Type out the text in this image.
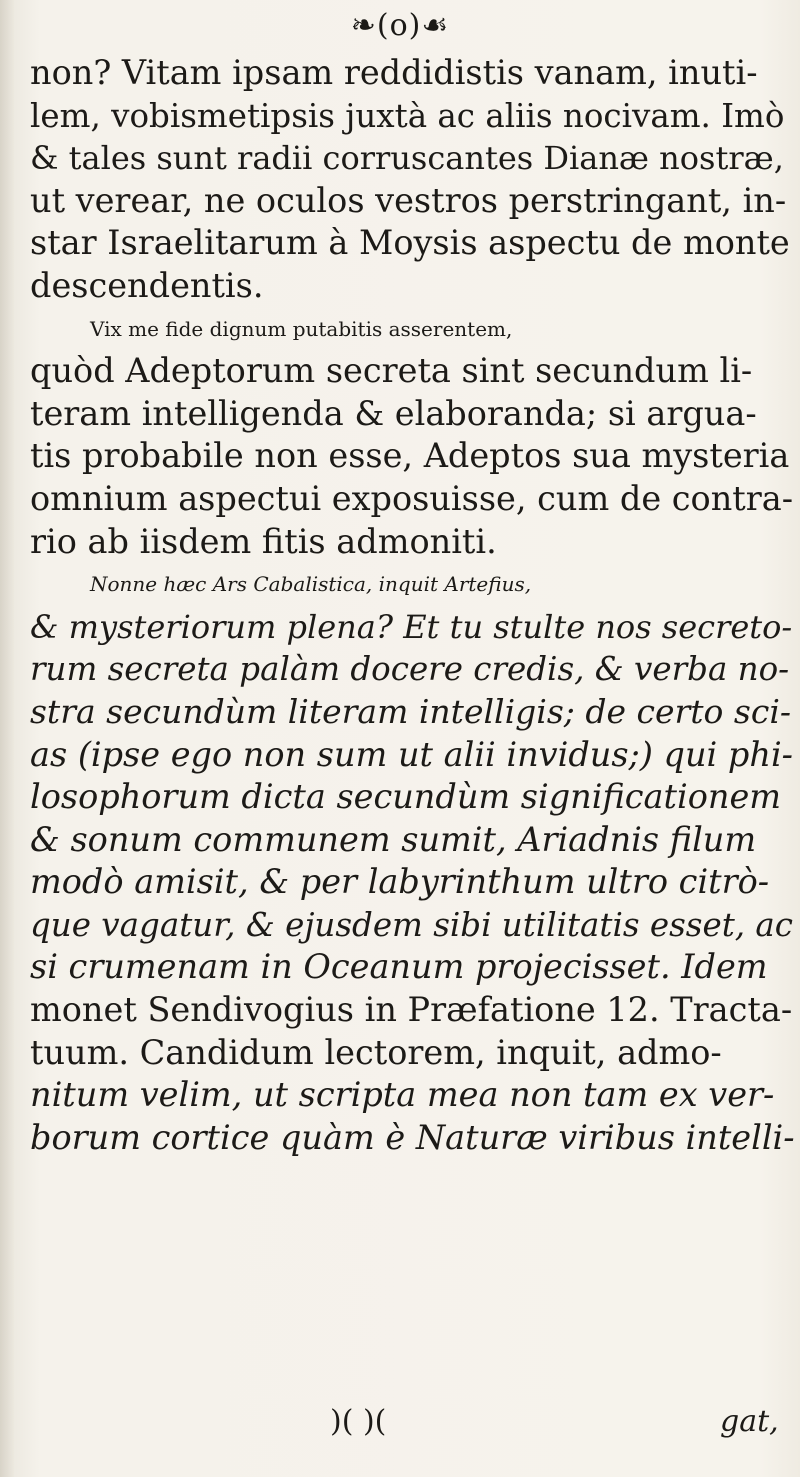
❧(o)☙
non? Vitam ipsam reddidistis vanam, inuti-
lem, vobismetipsis juxtà ac aliis nocivam. Imò
& tales sunt radii corruscantes Dianæ nostræ,
ut verear, ne oculos vestros perstringant, in-
star Israelitarum à Moysis aspectu de monte
descendentis.
Vix me fide dignum putabitis asserentem,
quòd Adeptorum secreta sint secundum li-
teram intelligenda & elaboranda; si argua-
tis probabile non esse, Adeptos sua mysteria
omnium aspectui exposuisse, cum de contra-
rio ab iisdem fitis admoniti.
Nonne hæc Ars Cabalistica, inquit Artefius,
& mysteriorum plena? Et tu stulte nos secreto-
rum secreta palàm docere credis, & verba no-
stra secundùm literam intelligis; de certo sci-
as (ipse ego non sum ut alii invidus;) qui phi-
losophorum dicta secundùm significationem
& sonum communem sumit, Ariadnis filum
modò amisit, & per labyrinthum ultro citrò-
que vagatur, & ejusdem sibi utilitatis esset, ac
si crumenam in Oceanum projecisset. Idem
monet Sendivogius in Præfatione 12. Tracta-
tuum. Candidum lectorem, inquit, admo-
nitum velim, ut scripta mea non tam ex ver-
borum cortice quàm è Naturæ viribus intelli-
)( )(	gat,
